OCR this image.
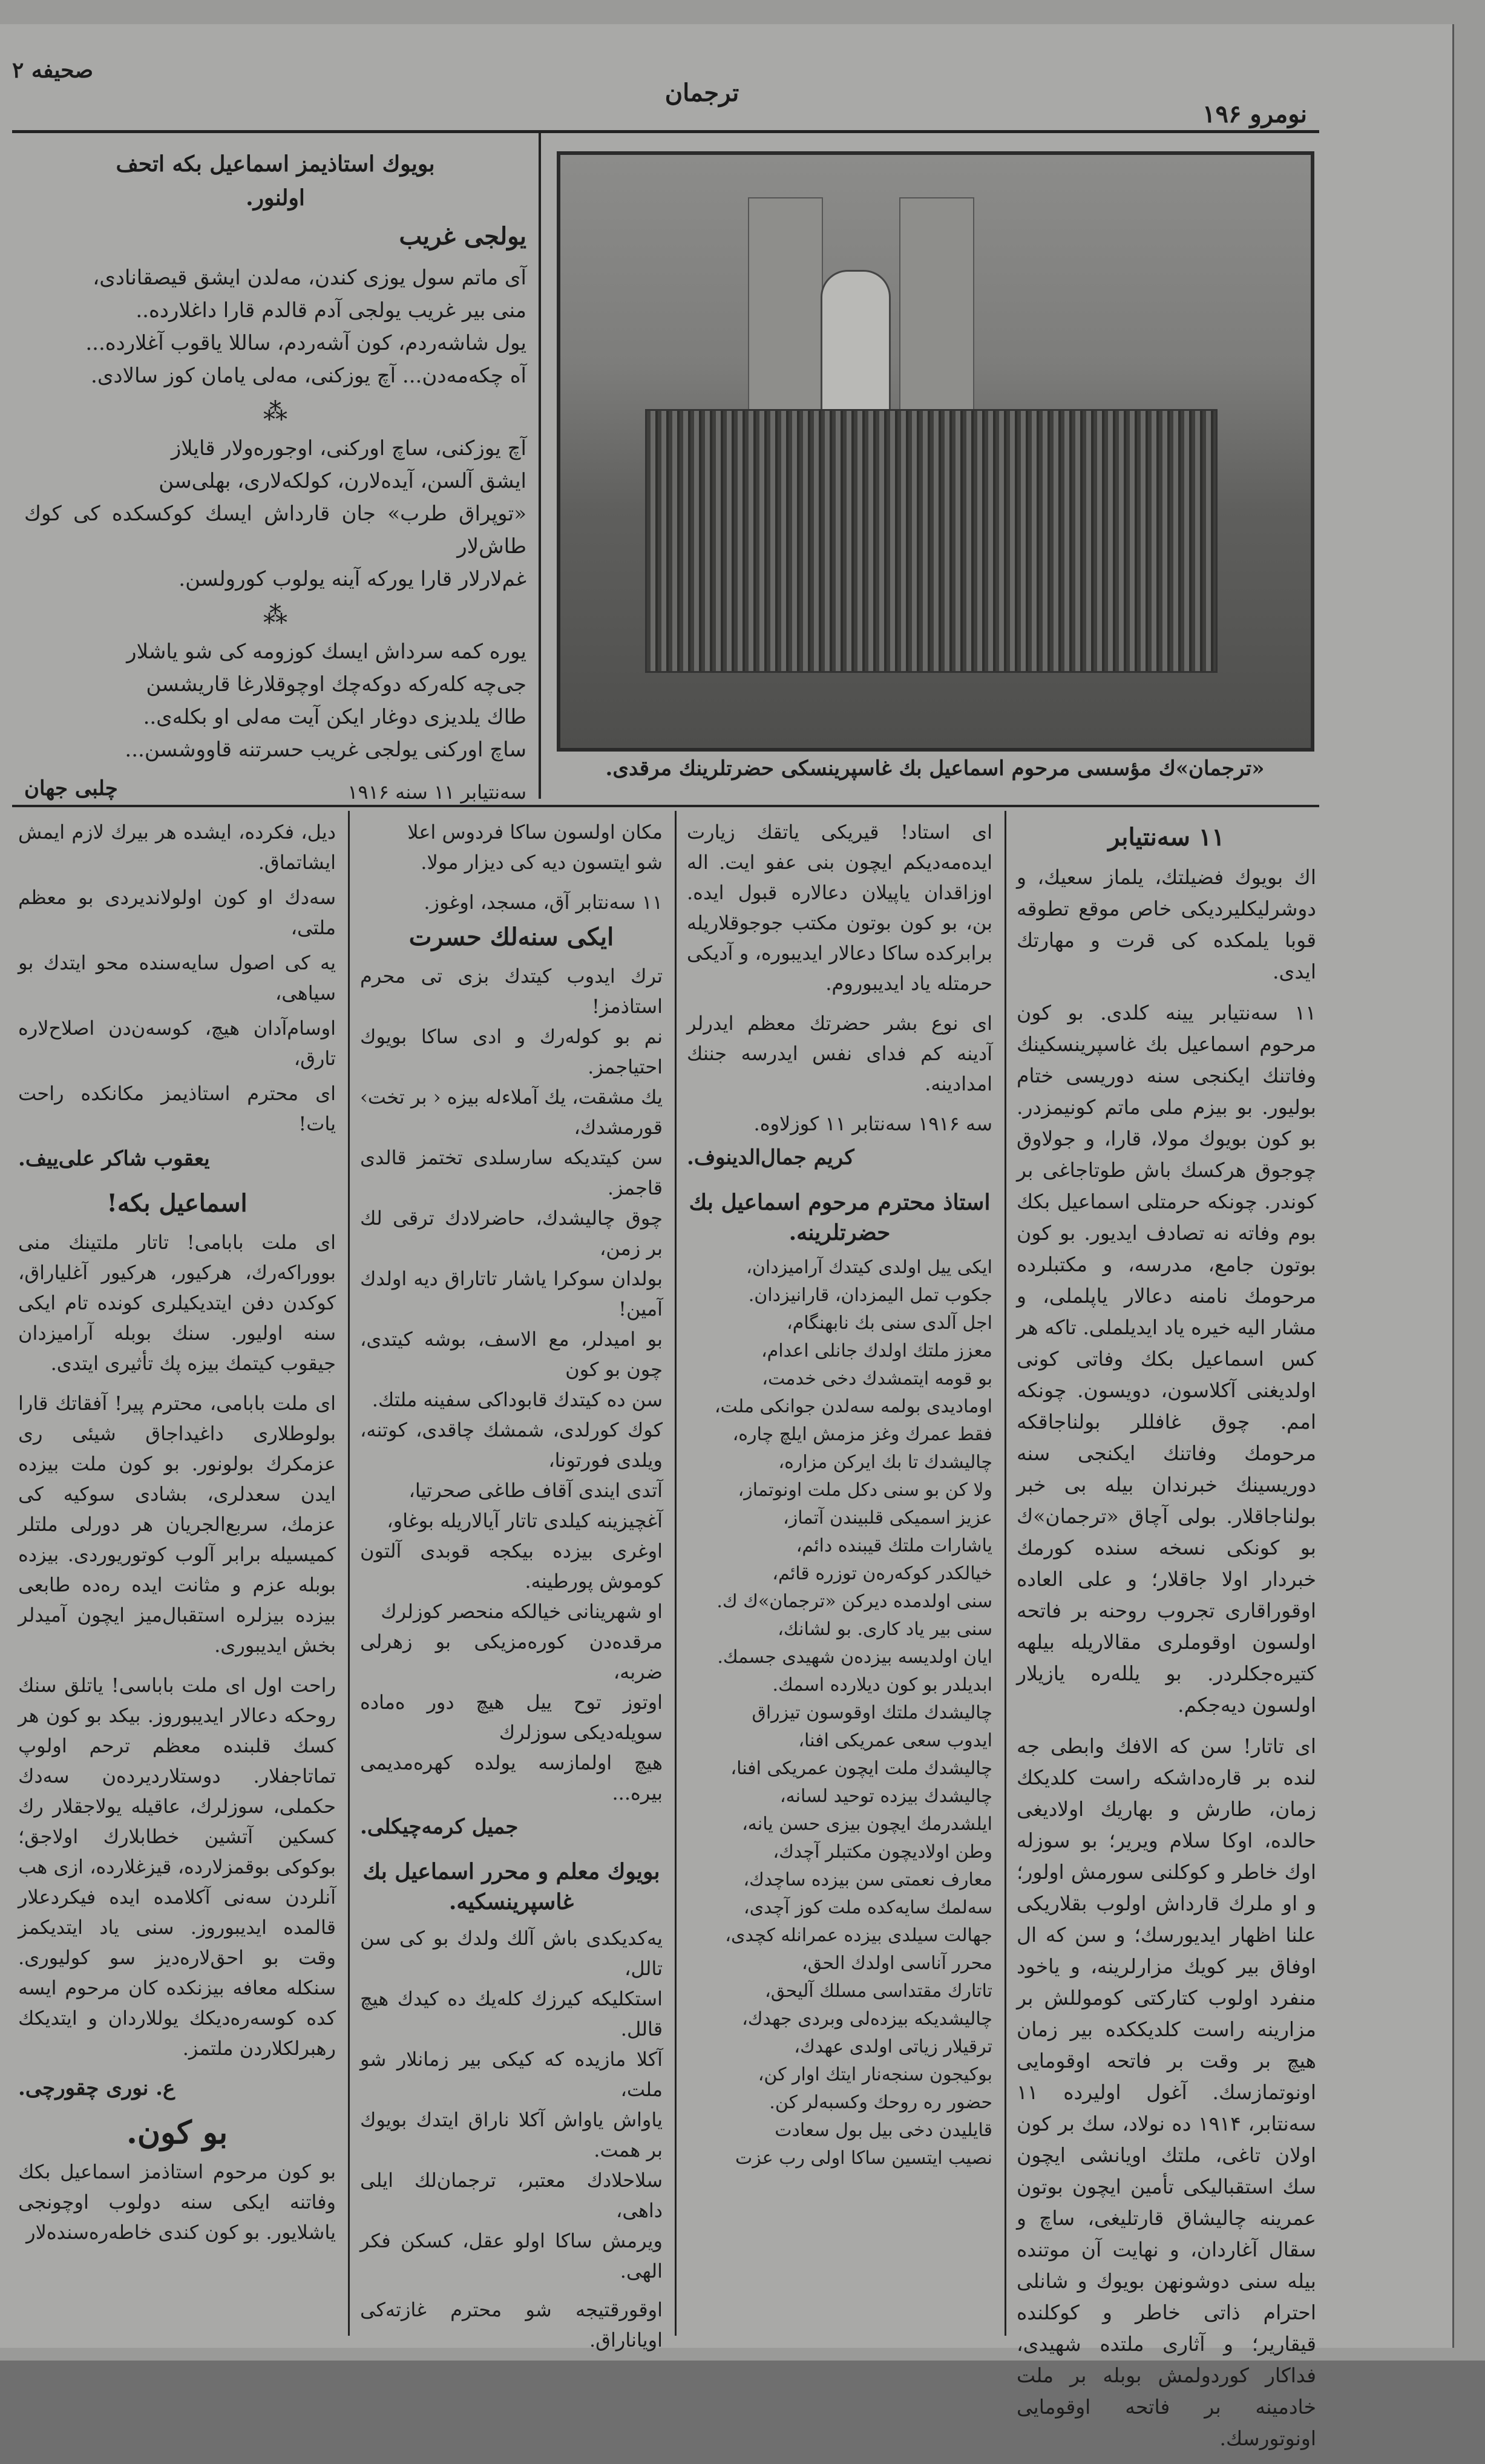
صحیفه ۲
ترجمان
نومرو ۱۹۶
بویوك استاذیمز اسماعیل بکه اتحف
اولنور.
یولجی غریب

آی ماتم سول یوزی کندن، مه‌لدن ایشق قیصقانادی،

منی بیر غریب یولجی آدم قالدم قارا داغلارده..

یول شاشه‌ردم، کون آشه‌ردم، ساللا یاقوب آغلارده...

آه چکه‌مه‌دن... آچ یوزکنی، مه‌لی یامان کوز سالادی.

⁂

آچ یوزکنی، ساچ اورکنی، اوجوره‌ولار قایلاز

ایشق آلسن، آیده‌لارن، کولکه‌لاری، بهلی‌سن

«توپراق طرب» جان قارداش ایسك کوکسکده کی کوك طاش‌لار

غم‌لارلار قارا یورکه آینه یولوب کورولسن.

⁂

یوره کمه سرداش ایسك کوزومه کی شو یاشلار

جی‌چه کله‌رکه دوکه‌چك اوچوقلارغا قاریشسن

طاك یلدیزی دوغار ایکن آیت مه‌لی او بکله‌ی..

ساچ اورکنی یولجی غریب حسرتنه قاووشسن...

سه‌نتیابر ۱۱ سنه ۱۹۱۶
چلبی جهان
«ترجمان»ك مؤسسی مرحوم اسماعیل بك غاسپرینسکی حضرتلرینك مرقدی.
۱۱ سه‌نتیابر

اك بویوك فضیلتك، یلماز سعیك، و دوشرلیکلیردیکی خاص موقع تطوقه قوبا یلمکده کی قرت و مهارتك ایدی.

۱۱ سه‌نتیابر یینه کلدی. بو کون مرحوم اسماعیل بك غاسپرینسکینك وفاتنك ایکنجی سنه دوریسی ختام بولیور. بو بیزم ملی ماتم کونیمزدر. بو کون بویوك مولا، قارا، و جولاوق چوجوق هرکسك باش طوتاجاغی بر کوندر. چونکه حرمتلی اسماعیل بکك بوم وفاته نه تصادف ایدیور. بو کون بوتون جامع، مدرسه، و مکتبلرده مرحومك نامنه دعالار یاپلملی، و مشار الیه خیره یاد ایدیلملی. تاکه هر کس اسماعیل بکك وفاتی کونی اولدیغنی آکلاسون، دویسون. چونکه امم. چوق غافللر بولناجاقکه مرحومك وفاتنك ایکنجی سنه دوریسینك خبرندان بیله بی خبر بولناجاقلار. بولی آچاق «ترجمان»ك بو کونکی نسخه سنده کورمك خبردار اولا جاقلار؛ و علی العاده اوقوراقاری تجروب روحنه بر فاتحه اولسون اوقوملری مقالاریله بیلهه کتیره‌جکلردر. بو یلله‌ره یازیلار اولسون دیه‌جکم.

ای تاتار! سن که الافك وابطی جه لنده بر قاره‌داشکه راست کلدیکك زمان، طارش و بهاریك اولادیغی حالده، اوکا سلام ویریر؛ بو سوزله اوك خاطر و کوکلنی سورمش اولور؛ و او ملرك قارداش اولوب بقلاریکی علنا اظهار ایدیورسك؛ و سن که ال اوفاق بیر کویك مزارلرینه، و یاخود منفرد اولوب کتاركتی کوموللش بر مزارینه راست کلدیککده بیر زمان هیچ بر وقت بر فاتحه اوقومایی اونوتمازسك. آغول اولیرده ۱۱ سه‌نتابر، ۱۹۱۴ ده نولاد، سك بر کون اولان تاغی، ملتك اویانشی ایچون سك استقبالیکی تأمین ایچون بوتون عمرینه چالیشاق قارتلیغی، ساچ و سقال آغاردان، و نهایت آن موتنده بیله سنی دوشونهن بویوك و شانلی احترام ذاتی خاطر و کوکلنده قیقاریر؛ و آثاری ملتده شهیدی، فداکار کوردولمش بوبله بر ملت خادمینه بر فاتحه اوقومایی اونوتورسك.

ای استاد! قیریکی یاتقك زیارت ایده‌مه‌دیکم ایچون بنی عفو ایت. اله اوزاقدان یاپیلان دعالاره قبول ایده. بن، بو کون بوتون مکتب جوجوقلاریله برابرکده ساکا دعالار ایدیبوره، و آدیکی حرمتله یاد ایدیبوروم.

ای نوع بشر حضرتك معظم ایدرلر آدینه کم فدای نفس ایدرسه جننك امدادینه.

سه ۱۹۱۶ سه‌نتابر ۱۱ کوزلاوه.
کریم جمال‌الدینوف.
استاذ محترم مرحوم اسماعیل بك حضرتلرینه.
ایکی ییل اولدی کیتدك آرامیزدان،
جکوب تمل الیمزدان، قارانیزدان.
اجل آلدی سنی بك نابهنگام،
معزز ملتك اولدك جانلی اعدام،
بو قومه ایتمشدك دخی خدمت،
اومادیدی بولمه سه‌لدن جوانکی ملت،
فقط عمرك وغز مزمش ایلچ چاره،
چالیشدك تا بك ایرکن مزاره،
ولا کن بو سنی دکل ملت اونوتماز،
عزیز اسمیکی قلبیندن آتماز،
یاشارات ملتك قیبنده دائم،
خیالکدر کوکه‌ره‌ن توزره قائم،
سنی اولدمده دیرکن «ترجمان»ك ك.
سنی بیر یاد کاری. بو لشانك،
ایان اولدیسه بیزده‌ن شهیدی جسمك.
ابدیلدر بو کون دیلارده اسمك.
چالیشدك ملتك اوقوسون تیزراق
ایدوب سعی عمریکی افنا،
چالیشدك ملت ایچون عمریکی افنا،
چالیشدك بیزده توحید لسانه،
ایلشدرمك ایچون بیزی حسن یانه،
وطن اولادیچون مکتبلر آچدك،
معارف نعمتی سن بیزده ساچدك،
سه‌لمك سایه‌کده ملت کوز آچدی،
جهالت سیلدی بیزده عمرانله کچدی،
محرر آناسی اولدك الحق،
تاتارك مقتداسی مسلك آلیحق،
چالیشدیکه بیزده‌لی وبردی جهدك،
ترقیلار زیاتی اولدی عهدك،
بوکیجون سنجه‌نار ایتك اوار کن،
حضور ره روحك وکسبه‌لر کن.
قایلیدن دخی بیل بول سعادت
نصیب ایتسین ساکا اولی رب عزت

مکان اولسون ساکا فردوس اعلا

شو ایتسون دیه کی دیزار مولا.

۱۱ سه‌نتابر آق، مسجد، اوغوز.
ایکی سنه‌لك حسرت
ترك ایدوب کیتدك بزی تی محرم استاذمز!
نم بو کوله‌رك و ادی ساکا بویوك احتیاجمز.
یك مشقت، یك آملاءله بیزه ‹ بر تخت› قورمشدك،
سن کیتدیکه سارسلدی تختمز قالدی قاجمز.
چوق چالیشدك، حاضرلادك ترقی لك بر زمن،
بولدان سوکرا یاشار تاتاراق دیه اولدك آمین!
بو امیدلر، مع الاسف، بوشه کیتدی، چون بو کون
سن ده کیتدك قابوداکی سفینه ملتك.
کوك کورلدی، شمشك چاقدی، کوتنه، ویلدی فورتونا،
آتدی ایندی آقاف طاغی صحرتیا،
آغچیزینه کیلدی تاتار آیالاریله بوغاو،
اوغری بیزده بیکجه قوبدی آلتون کوموش پورطینه.
او شهرینانی خیالکه منحصر کوزلرك
مرقده‌دن کوره‌مزیکی بو زهرلی ضربه،
اوتوز توح ییل هیچ دور ه‌ماده سویله‌دیکی سوزلرك
هیچ اولمازسه یولده کهره‌مدیمی بیره...
جمیل کرمه‌چیکلی.
بویوك معلم و محرر اسماعیل بك غاسپرینسکیه.
یه‌کدیکدی باش آلك ولدك بو کی سن تالل،
استکلیکه کیرزك کله‌یك ده کیدك هیچ قالل.
آکلا مازیده که کیکی بیر زمانلار شو ملت،
یاواش یاواش آکلا ناراق ایتدك بویوك بر همت.
سلاحلادك معتبر، ترجمان‌لك ایلی داهی،
ویرمش ساکا اولو عقل، کسکن فکر الهی.

اوقورقتیجه شو محترم غازته‌کی اویاناراق.

دیل، فکرده، ایشده هر بیرك لازم ایمش ایشاتماق.

سه‌دك او کون اولولاندیردی بو معظم ملتی،

یه کی اصول سایه‌سنده محو ایتدك بو سیاهی،

اوسام‌آدان هیچ، کوسه‌ن‌دن اصلاح‌لاره تارق،

ای محترم استاذیمز مکانکده راحت یات!

یعقوب شاکر علی‌ییف.
اسماعیل بکه!

ای ملت بابامی! تاتار ملتینك منی بووراکه‌رك، هرکیور، هرکیور آغلیاراق، کوکدن دفن ایتدیکیلری کونده تام ایکی سنه اولیور. سنك بوبله آرامیزدان جیقوب کیتمك بیزه پك تأثیری ایتدی.

ای ملت بابامی، محترم پیر! آفقاتك قارا بولوطلاری داغیداجاق شیئی ری عزمکرك بولونور. بو کون ملت بیزده ایدن سعدلری، بشادی سوکیه کی عزمك، سربع‌الجریان هر دورلی ملتلر کمیسیله برابر آلوب کوتوریوردی. بیزده بوبله عزم و مثانت ایده ره‌ده طابعی بیزده بیزلره استقبال‌میز ایچون آمیدلر بخش ایدیبوری.

راحت اول ای ملت باباسی! یاتلق سنك روحکه دعالار ایدیبوروز. بیکد بو کون هر کسك قلبنده معظم ترحم اولوپ تماتاجفلار. دوستلاردیرده‌ن سه‌دك حکملی، سوزلرك، عاقیله یولاجقلار رك کسکین آتشین خطابلارك اولاجق؛ بوکوکی بوقمزلارده، قیزغلارده، ازی هب آنلردن سه‌نی آکلامده ایده فیکردعلار قالمده ایدیبوروز. سنی یاد ایتدیکمز وقت بو احق‌لاره‌دیز سو کولیوری. سنکله معافه بیزنکده کان مرحوم ایسه کده کوسه‌ره‌دیکك یوللاردان و ایتدیکك رهبرلکلاردن ملتمز.

ع. نوری چقورچی.
بو کون.

بو کون مرحوم استاذمز اسماعیل بکك وفاتنه ایکی سنه دولوب اوچونجی یاشلایور. بو کون کندی خاطه‌ره‌سنده‌لار
